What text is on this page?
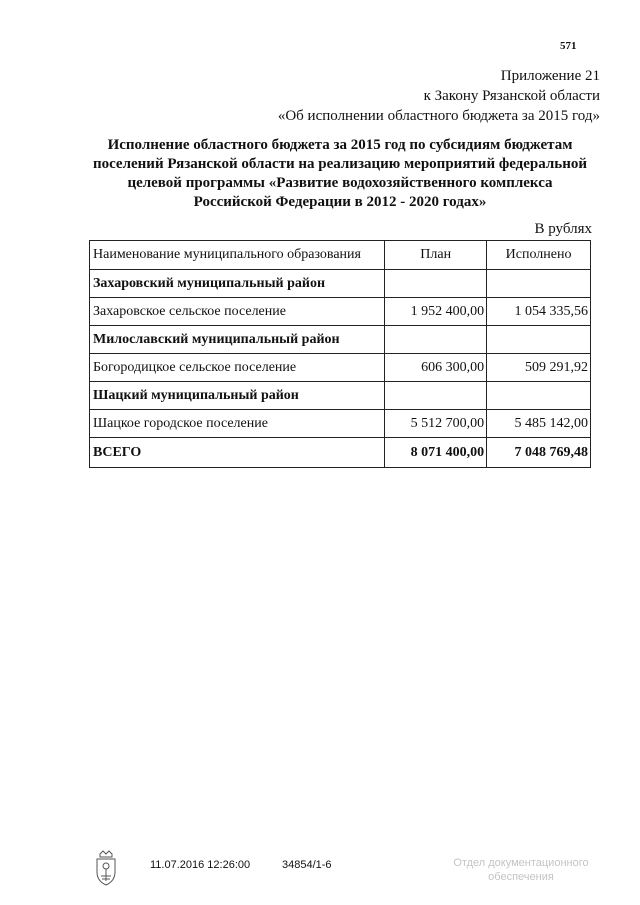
571
Приложение 21
к Закону Рязанской области
«Об исполнении областного бюджета за 2015 год»
Исполнение областного бюджета за 2015 год по субсидиям бюджетам
поселений Рязанской области на реализацию мероприятий федеральной
целевой программы «Развитие водохозяйственного комплекса
Российской Федерации в 2012 - 2020 годах»
В рублях
Наименование муниципального образования	План	Исполнено
Захаровский муниципальный район		
Захаровское сельское поселение	1 952 400,00	1 054 335,56
Милославский муниципальный район		
Богородицкое сельское поселение	606 300,00	509 291,92
Шацкий муниципальный район		
Шацкое городское поселение	5 512 700,00	5 485 142,00
ВСЕГО	8 071 400,00	7 048 769,48
11.07.2016 12:26:00	34854/1-6	Отдел документационного
обеспечения
